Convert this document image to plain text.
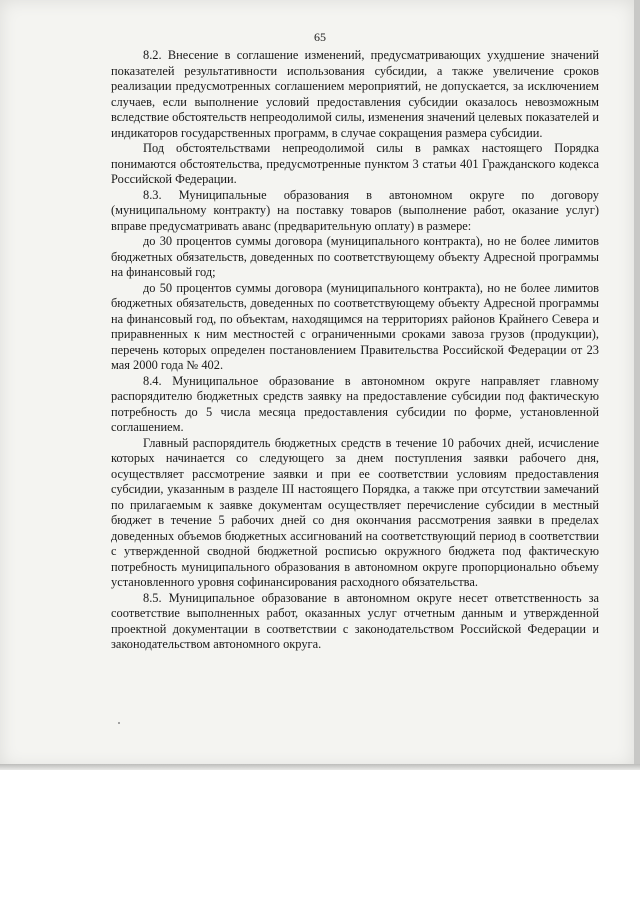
65

8.2. Внесение в соглашение изменений, предусматривающих ухудшение значений показателей результативности использования субсидии, а также увеличение сроков реализации предусмотренных соглашением мероприятий, не допускается, за исключением случаев, если выполнение условий предоставления субсидии оказалось невозможным вследствие обстоятельств непреодолимой силы, изменения значений целевых показателей и индикаторов государственных программ, в случае сокращения размера субсидии.

Под обстоятельствами непреодолимой силы в рамках настоящего Порядка понимаются обстоятельства, предусмотренные пунктом 3 статьи 401 Гражданского кодекса Российской Федерации.

8.3. Муниципальные образования в автономном округе по договору (муниципальному контракту) на поставку товаров (выполнение работ, оказание услуг) вправе предусматривать аванс (предварительную оплату) в размере:

до 30 процентов суммы договора (муниципального контракта), но не более лимитов бюджетных обязательств, доведенных по соответствующему объекту Адресной программы на финансовый год;

до 50 процентов суммы договора (муниципального контракта), но не более лимитов бюджетных обязательств, доведенных по соответствующему объекту Адресной программы на финансовый год, по объектам, находящимся на территориях районов Крайнего Севера и приравненных к ним местностей с ограниченными сроками завоза грузов (продукции), перечень которых определен постановлением Правительства Российской Федерации от 23 мая 2000 года № 402.

8.4. Муниципальное образование в автономном округе направляет главному распорядителю бюджетных средств заявку на предоставление субсидии под фактическую потребность до 5 числа месяца предоставления субсидии по форме, установленной соглашением.

Главный распорядитель бюджетных средств в течение 10 рабочих дней, исчисление которых начинается со следующего за днем поступления заявки рабочего дня, осуществляет рассмотрение заявки и при ее соответствии условиям предоставления субсидии, указанным в разделе III настоящего Порядка, а также при отсутствии замечаний по прилагаемым к заявке документам осуществляет перечисление субсидии в местный бюджет в течение 5 рабочих дней со дня окончания рассмотрения заявки в пределах доведенных объемов бюджетных ассигнований на соответствующий период в соответствии с утвержденной сводной бюджетной росписью окружного бюджета под фактическую потребность муниципального образования в автономном округе пропорционально объему установленного уровня софинансирования расходного обязательства.

8.5. Муниципальное образование в автономном округе несет ответственность за соответствие выполненных работ, оказанных услуг отчетным данным и утвержденной проектной документации в соответствии с законодательством Российской Федерации и законодательством автономного округа.
